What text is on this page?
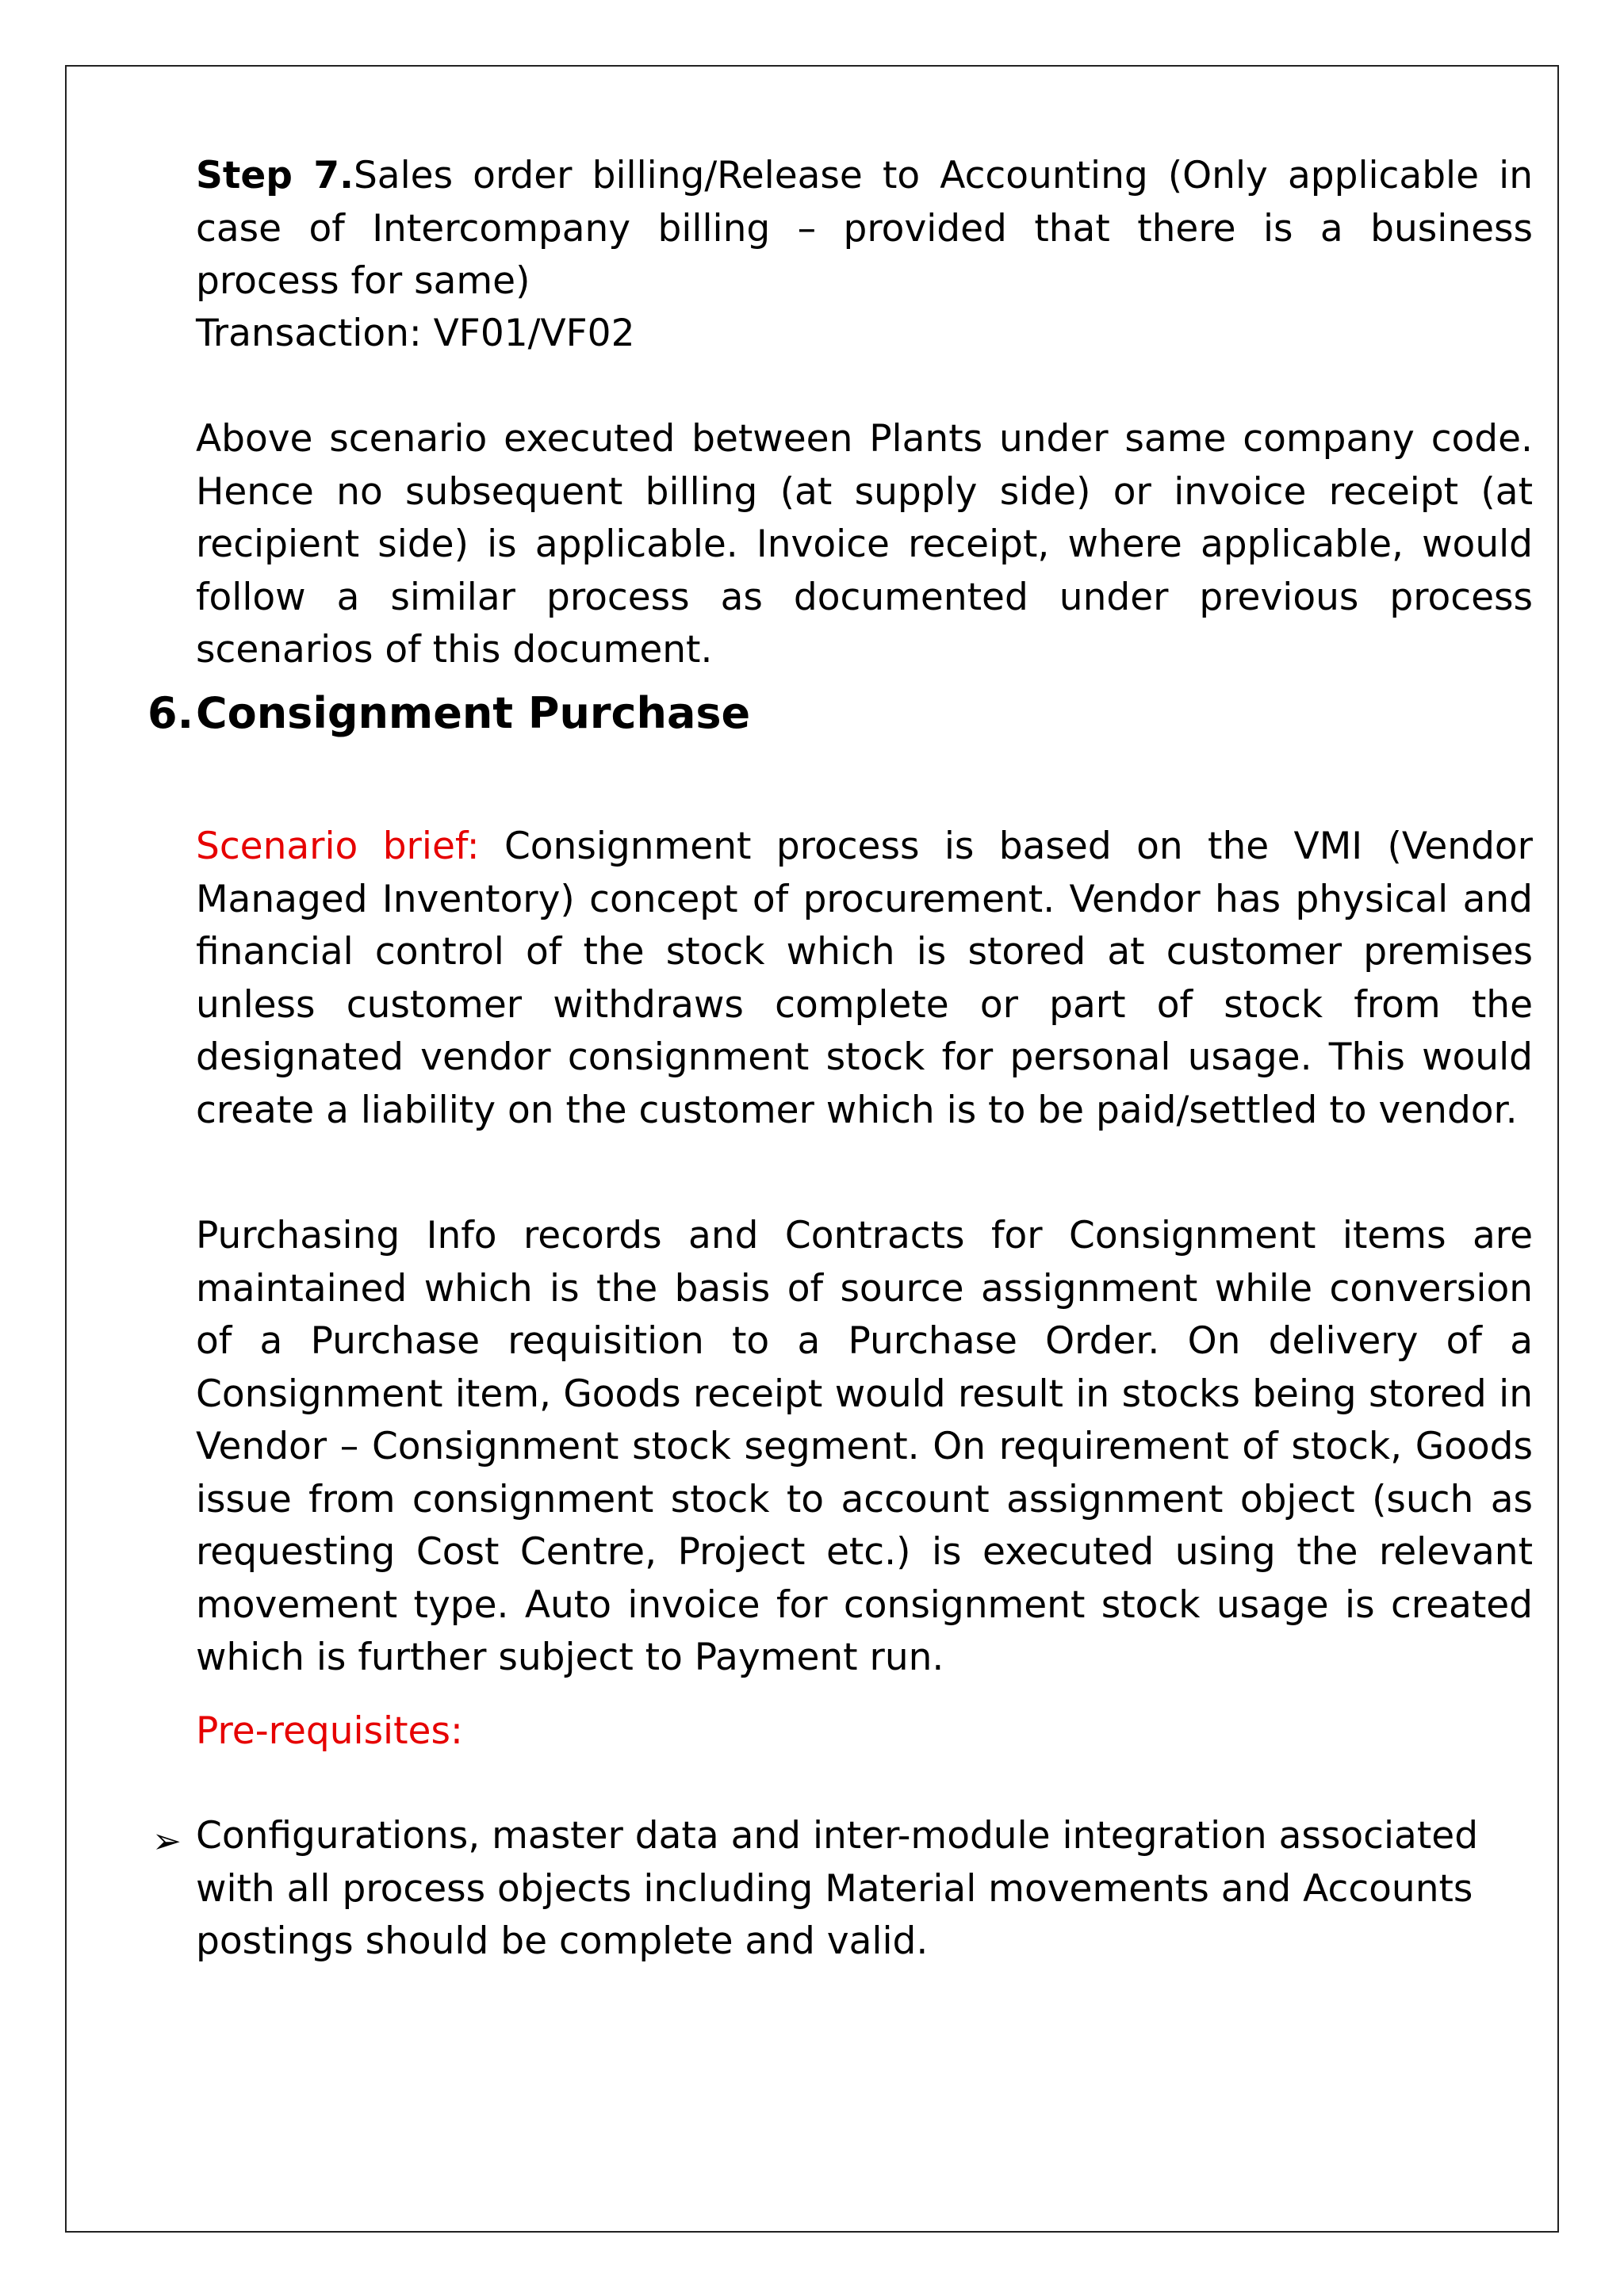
Step 7.Sales order billing/Release to Accounting (Only applicable in case of Intercompany billing – provided that there is a business process for same)

Transaction: VF01/VF02

Above scenario executed between Plants under same company code. Hence no subsequent billing (at supply side) or invoice receipt (at recipient side) is applicable. Invoice receipt, where applicable, would follow a similar process as documented under previous process scenarios of this document.

6.Consignment Purchase

Scenario brief: Consignment process is based on the VMI (Vendor Managed Inventory) concept of procurement. Vendor has physical and financial control of the stock which is stored at customer premises unless customer withdraws complete or part of stock from the designated vendor consignment stock for personal usage. This would create a liability on the customer which is to be paid/settled to vendor.

Purchasing Info records and Contracts for Consignment items are maintained which is the basis of source assignment while conversion of a Purchase requisition to a Purchase Order. On delivery of a Consignment item, Goods receipt would result in stocks being stored in Vendor – Consignment stock segment. On requirement of stock, Goods issue from consignment stock to account assignment object (such as requesting Cost Centre, Project etc.) is executed using the relevant movement type. Auto invoice for consignment stock usage is created which is further subject to Payment run.

Pre-requisites:

➢ Configurations, master data and inter-module integration associated with all process objects including Material movements and Accounts postings should be complete and valid.
